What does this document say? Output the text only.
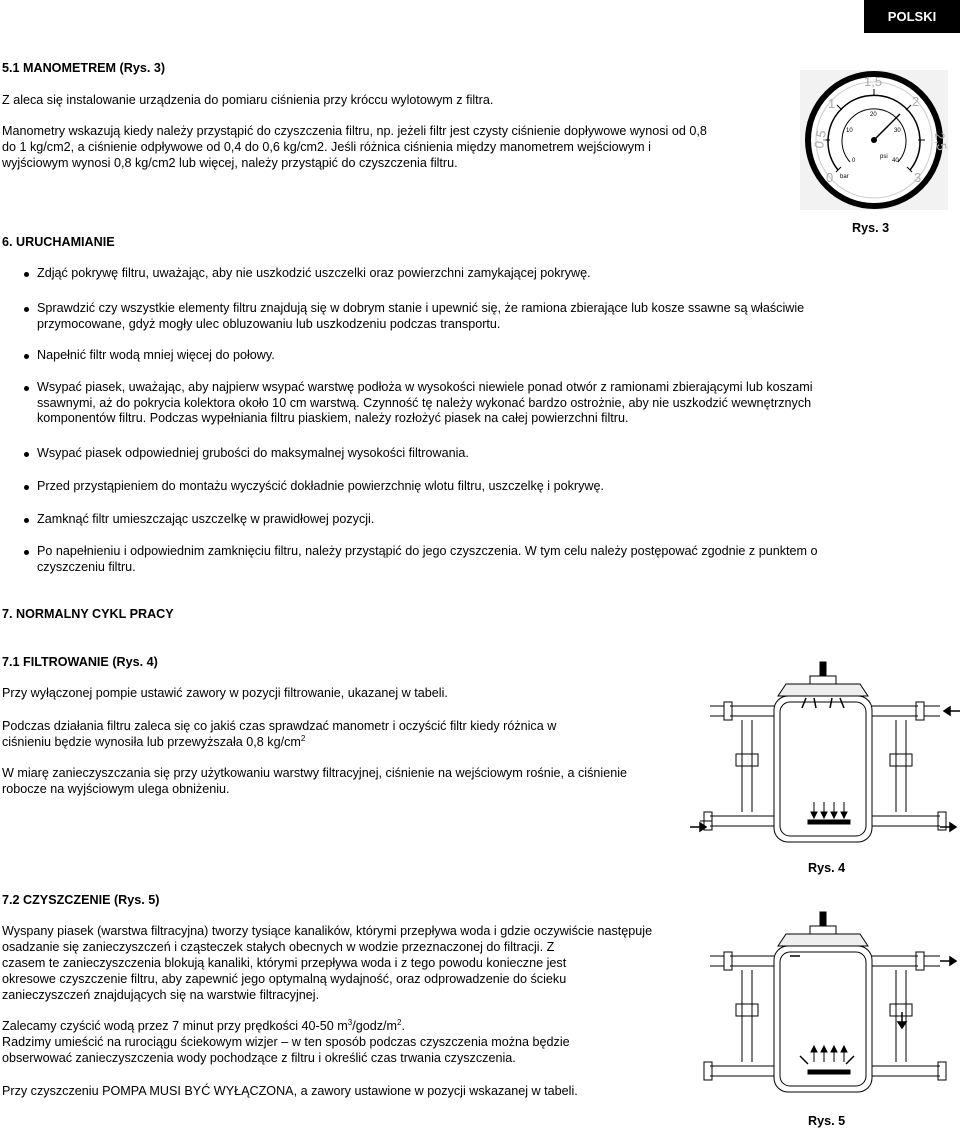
POLSKI
5.1 MANOMETREM (Rys. 3)
Z aleca się instalowanie urządzenia do pomiaru ciśnienia przy króccu wylotowym z filtra.
Manometry wskazują kiedy należy przystąpić do czyszczenia filtru, np. jeżeli filtr jest czysty ciśnienie dopływowe wynosi od 0,8
do 1 kg/cm2, a ciśnienie odpływowe od 0,4 do 0,6 kg/cm2. Jeśli różnica ciśnienia między manometrem wejściowym i
wyjściowym wynosi 0,8 kg/cm2 lub więcej, należy przystąpić do czyszczenia filtru.
0
0,5
1
1,5
2
2,5
3
0
10
20
30
40
bar
psi
Rys. 3
6. URUCHAMIANIE
Zdjąć pokrywę filtru, uważając, aby nie uszkodzić uszczelki oraz powierzchni zamykającej pokrywę.
Sprawdzić czy wszystkie elementy filtru znajdują się w dobrym stanie i upewnić się, że ramiona zbierające lub kosze ssawne są właściwie
przymocowane, gdyż mogły ulec obluzowaniu lub uszkodzeniu podczas transportu.
Napełnić filtr wodą mniej więcej do połowy.
Wsypać piasek, uważając, aby najpierw wsypać warstwę podłoża w wysokości niewiele ponad otwór z ramionami zbierającymi lub koszami
ssawnymi, aż do pokrycia kolektora około 10 cm warstwą. Czynność tę należy wykonać bardzo ostrożnie, aby nie uszkodzić wewnętrznych
komponentów filtru. Podczas wypełniania filtru piaskiem, należy rozłożyć piasek na całej powierzchni filtru.
Wsypać piasek odpowiedniej grubości do maksymalnej wysokości filtrowania.
Przed przystąpieniem do montażu wyczyścić dokładnie powierzchnię wlotu filtru, uszczelkę i pokrywę.
Zamknąć filtr umieszczając uszczelkę w prawidłowej pozycji.
Po napełnieniu i odpowiednim zamknięciu filtru, należy przystąpić do jego czyszczenia. W tym celu należy postępować zgodnie z punktem o
czyszczeniu filtru.
7. NORMALNY CYKL PRACY
7.1 FILTROWANIE (Rys. 4)
Przy wyłączonej pompie ustawić zawory w pozycji filtrowanie, ukazanej w tabeli.
Podczas działania filtru zaleca się co jakiś czas sprawdzać manometr i oczyścić filtr kiedy różnica w
ciśnieniu będzie wynosiła lub przewyższała 0,8 $kg/cm^2$
W miarę zanieczyszczania się przy użytkowaniu warstwy filtracyjnej, ciśnienie na wejściowym rośnie, a ciśnienie
robocze na wyjściowym ulega obniżeniu.
Rys. 4
7.2 CZYSZCZENIE (Rys. 5)
Wyspany piasek (warstwa filtracyjna) tworzy tysiące kanalików, którymi przepływa woda i gdzie oczywiście następuje
osadzanie się zanieczyszczeń i cząsteczek stałych obecnych w wodzie przeznaczonej do filtracji. Z
czasem te zanieczyszczenia blokują kanaliki, którymi przepływa woda i z tego powodu konieczne jest
okresowe czyszczenie filtru, aby zapewnić jego optymalną wydajność, oraz odprowadzenie do ścieku
zanieczyszczeń znajdujących się na warstwie filtracyjnej.
Zalecamy czyścić wodą przez 7 minut przy prędkości 40-50 $m^3/godz/m^2$.
Radzimy umieścić na rurociągu ściekowym wizjer – w ten sposób podczas czyszczenia można będzie
obserwować zanieczyszczenia wody pochodzące z filtru i określić czas trwania czyszczenia.
Przy czyszczeniu POMPA MUSI BYĆ WYŁĄCZONA, a zawory ustawione w pozycji wskazanej w tabeli.
Rys. 5
